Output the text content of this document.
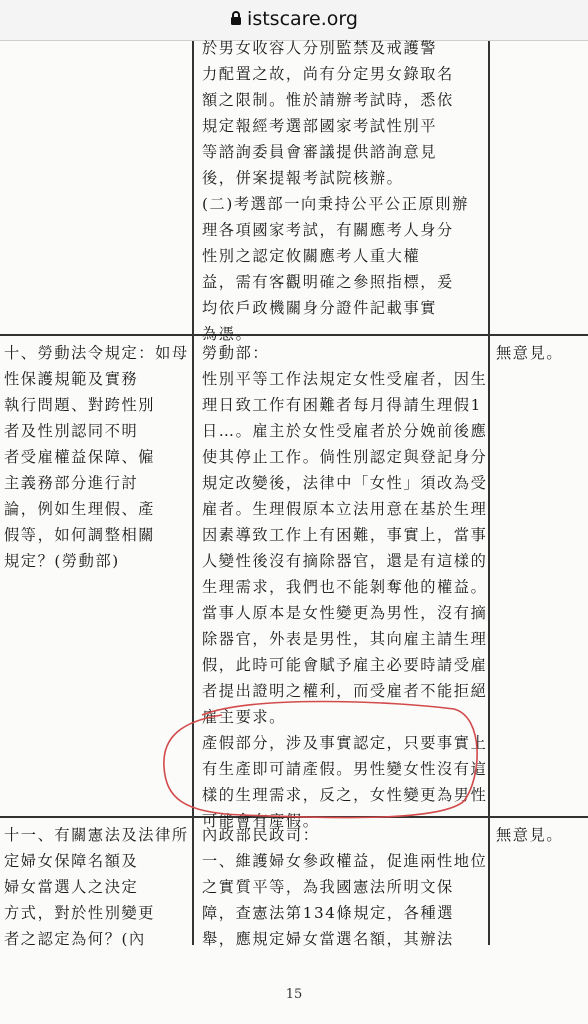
istscare.org
於男女收容人分別監禁及戒護警
力配置之故，尚有分定男女錄取名
額之限制。惟於請辦考試時，悉依
規定報經考選部國家考試性別平
等諮詢委員會審議提供諮詢意見
後，併案提報考試院核辦。
(二)考選部一向秉持公平公正原則辦
理各項國家考試，有關應考人身分
性別之認定攸關應考人重大權
益，需有客觀明確之參照指標，爰
均依戶政機關身分證件記載事實
為憑。
十、勞動法令規定：如母
性保護規範及實務
執行問題、對跨性別
者及性別認同不明
者受雇權益保障、僱
主義務部分進行討
論，例如生理假、產
假等，如何調整相關
規定？(勞動部)
勞動部：
性別平等工作法規定女性受雇者，因生
理日致工作有困難者每月得請生理假1
日…。雇主於女性受雇者於分娩前後應
使其停止工作。倘性別認定與登記身分
規定改變後，法律中「女性」須改為受
雇者。生理假原本立法用意在基於生理
因素導致工作上有困難，事實上，當事
人變性後沒有摘除器官，還是有這樣的
生理需求，我們也不能剝奪他的權益。
當事人原本是女性變更為男性，沒有摘
除器官，外表是男性，其向雇主請生理
假，此時可能會賦予雇主必要時請受雇
者提出證明之權利，而受雇者不能拒絕
雇主要求。
產假部分，涉及事實認定，只要事實上
有生產即可請產假。男性變女性沒有這
樣的生理需求，反之，女性變更為男性
可能會有產假。
無意見。
十一、有關憲法及法律所
定婦女保障名額及
婦女當選人之決定
方式，對於性別變更
者之認定為何？(內
內政部民政司：
一、維護婦女參政權益，促進兩性地位
之實質平等，為我國憲法所明文保
障，查憲法第134條規定，各種選
舉，應規定婦女當選名額，其辦法
無意見。
15
